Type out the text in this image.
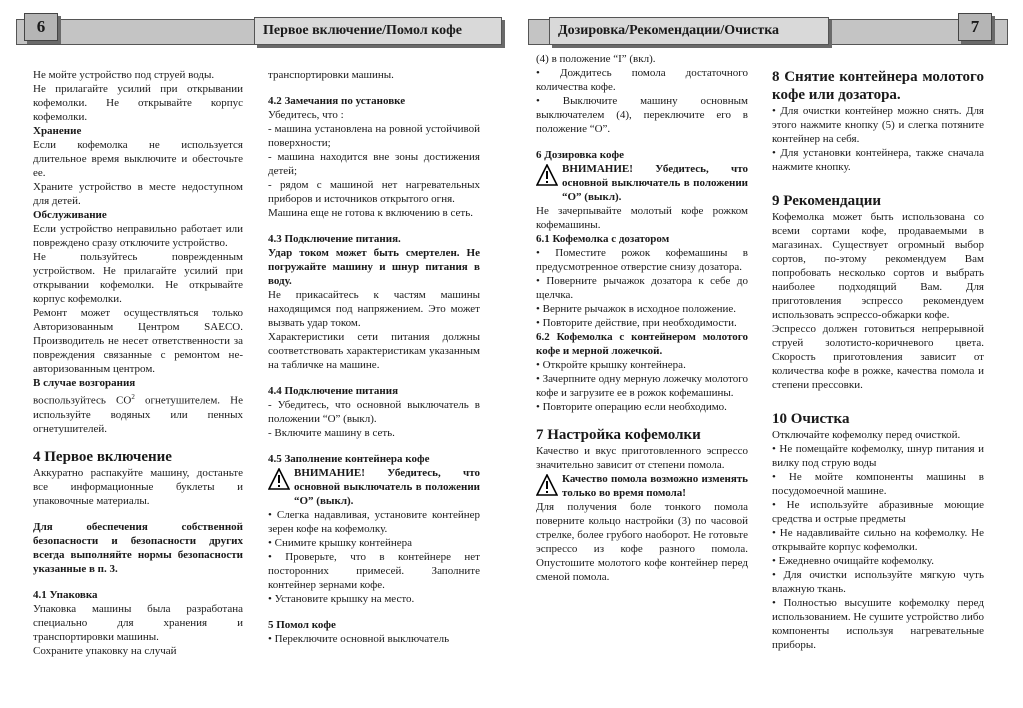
6	Первое включение/Помол кофе	Дозировка/Рекомендации/Очистка	7

Не мойте устройство под струей воды.

Не прилагайте усилий при открывании кофемолки. Не открывайте корпус кофемолки.

Хранение

Если кофемолка не используется длительное время выключите и обесточьте ее.

Храните устройство в месте недоступном для детей.

Обслуживание

Если устройство неправильно работает или повреждено сразу отключите устройство.

Не пользуйтесь поврежденным устройством. Не прилагайте усилий при открывании кофемолки. Не открывайте корпус кофемолки.

Ремонт может осуществляться только Авторизованным Центром SAECO. Производитель не несет ответственности за повреждения связанные с ремонтом не-авторизованным центром.

В случае возгорания

воспользуйтесь $СО^2$ огнетушителем. Не используйте водяных или пенных огнетушителей.

4 Первое включение

Аккуратно распакуйте машину, достаньте все информационные буклеты и упаковочные материалы.

Для обеспечения собственной безопасности и безопасности других всегда выполняйте нормы безопасности указанные в п. 3.

4.1 Упаковка

Упаковка машины была разработана специально для хранения и транспортировки машины.

Сохраните упаковку на случай

транспортировки машины.

4.2 Замечания по установке

Убедитесь, что :

- машина установлена на ровной устойчивой поверхности;

- машина находится вне зоны достижения детей;

- рядом с машиной нет нагревательных приборов и источников открытого огня.

Машина еще не готова к включению в сеть.

4.3 Подключение питания.

Удар током может быть смертелен. Не погружайте машину и шнур питания в воду.

Не прикасайтесь к частям машины находящимся под напряжением. Это может вызвать удар током.

Характеристики сети питания должны соответствовать характеристикам указанным на табличке на машине.

4.4 Подключение питания

- Убедитесь, что основной выключатель в положении “O” (выкл).

- Включите машину в сеть.

4.5 Заполнение контейнера кофе

ВНИМАНИЕ! Убедитесь, что основной выключатель в положении “O” (выкл).

• Слегка надавливая, установите контейнер зерен кофе на кофемолку.

• Снимите крышку контейнера

• Проверьте, что в контейнере нет посторонних примесей. Заполните контейнер зернами кофе.

• Установите крышку на место.

5 Помол кофе

• Переключите основной выключатель

(4) в положение “I” (вкл).

• Дождитесь помола достаточного количества кофе.

• Выключите машину основным выключателем (4), переключите его в положение “O”.

6 Дозировка кофе

ВНИМАНИЕ! Убедитесь, что основной выключатель в положении “O” (выкл).

Не зачерпывайте молотый кофе рожком кофемашины.

6.1 Кофемолка с дозатором

• Поместите рожок кофемашины в предусмотренное отверстие снизу дозатора.

• Поверните рычажок дозатора к себе до щелчка.

• Верните рычажок в исходное положение.

• Повторите действие, при необходимости.

6.2 Кофемолка с контейнером молотого кофе и мерной ложечкой.

• Откройте крышку контейнера.

• Зачерпните одну мерную ложечку молотого кофе и загрузите ее в рожок кофемашины.

• Повторите операцию если необходимо.

7 Настройка кофемолки

Качество и вкус приготовленного эспрессо значительно зависит от степени помола.

Качество помола возможно изменять только во время помола!

Для получения боле тонкого помола поверните кольцо настройки (3) по часовой стрелке, более грубого наоборот. Не готовьте эспрессо из кофе разного помола. Опустошите молотого кофе контейнер перед сменой помола.

8 Снятие контейнера молотого кофе или дозатора.

• Для очистки контейнер можно снять. Для этого нажмите кнопку (5) и слегка потяните контейнер на себя.

• Для установки контейнера, также сначала нажмите кнопку.

9 Рекомендации

Кофемолка может быть использована со всеми сортами кофе, продаваемыми в магазинах. Существует огромный выбор сортов, по-этому рекомендуем Вам попробовать несколько сортов и выбрать наиболее подходящий Вам. Для приготовления эспрессо рекомендуем использовать эспрессо-обжарки кофе.

Эспрессо должен готовиться непрерывной струей золотисто-коричневого цвета. Скорость приготовления зависит от количества кофе в рожке, качества помола и степени прессовки.

10 Очистка

Отключайте кофемолку перед очисткой.

• Не помещайте кофемолку, шнур питания и вилку под струю воды

• Не мойте компоненты машины в посудомоечной машине.

• Не используйте абразивные моющие средства и острые предметы

• Не надавливайте сильно на кофемолку. Не открывайте корпус кофемолки.

• Ежедневно очищайте кофемолку.

• Для очистки используйте мягкую чуть влажную ткань.

• Полностью высушите кофемолку перед использованием. Не сушите устройство либо компоненты используя нагревательные приборы.
